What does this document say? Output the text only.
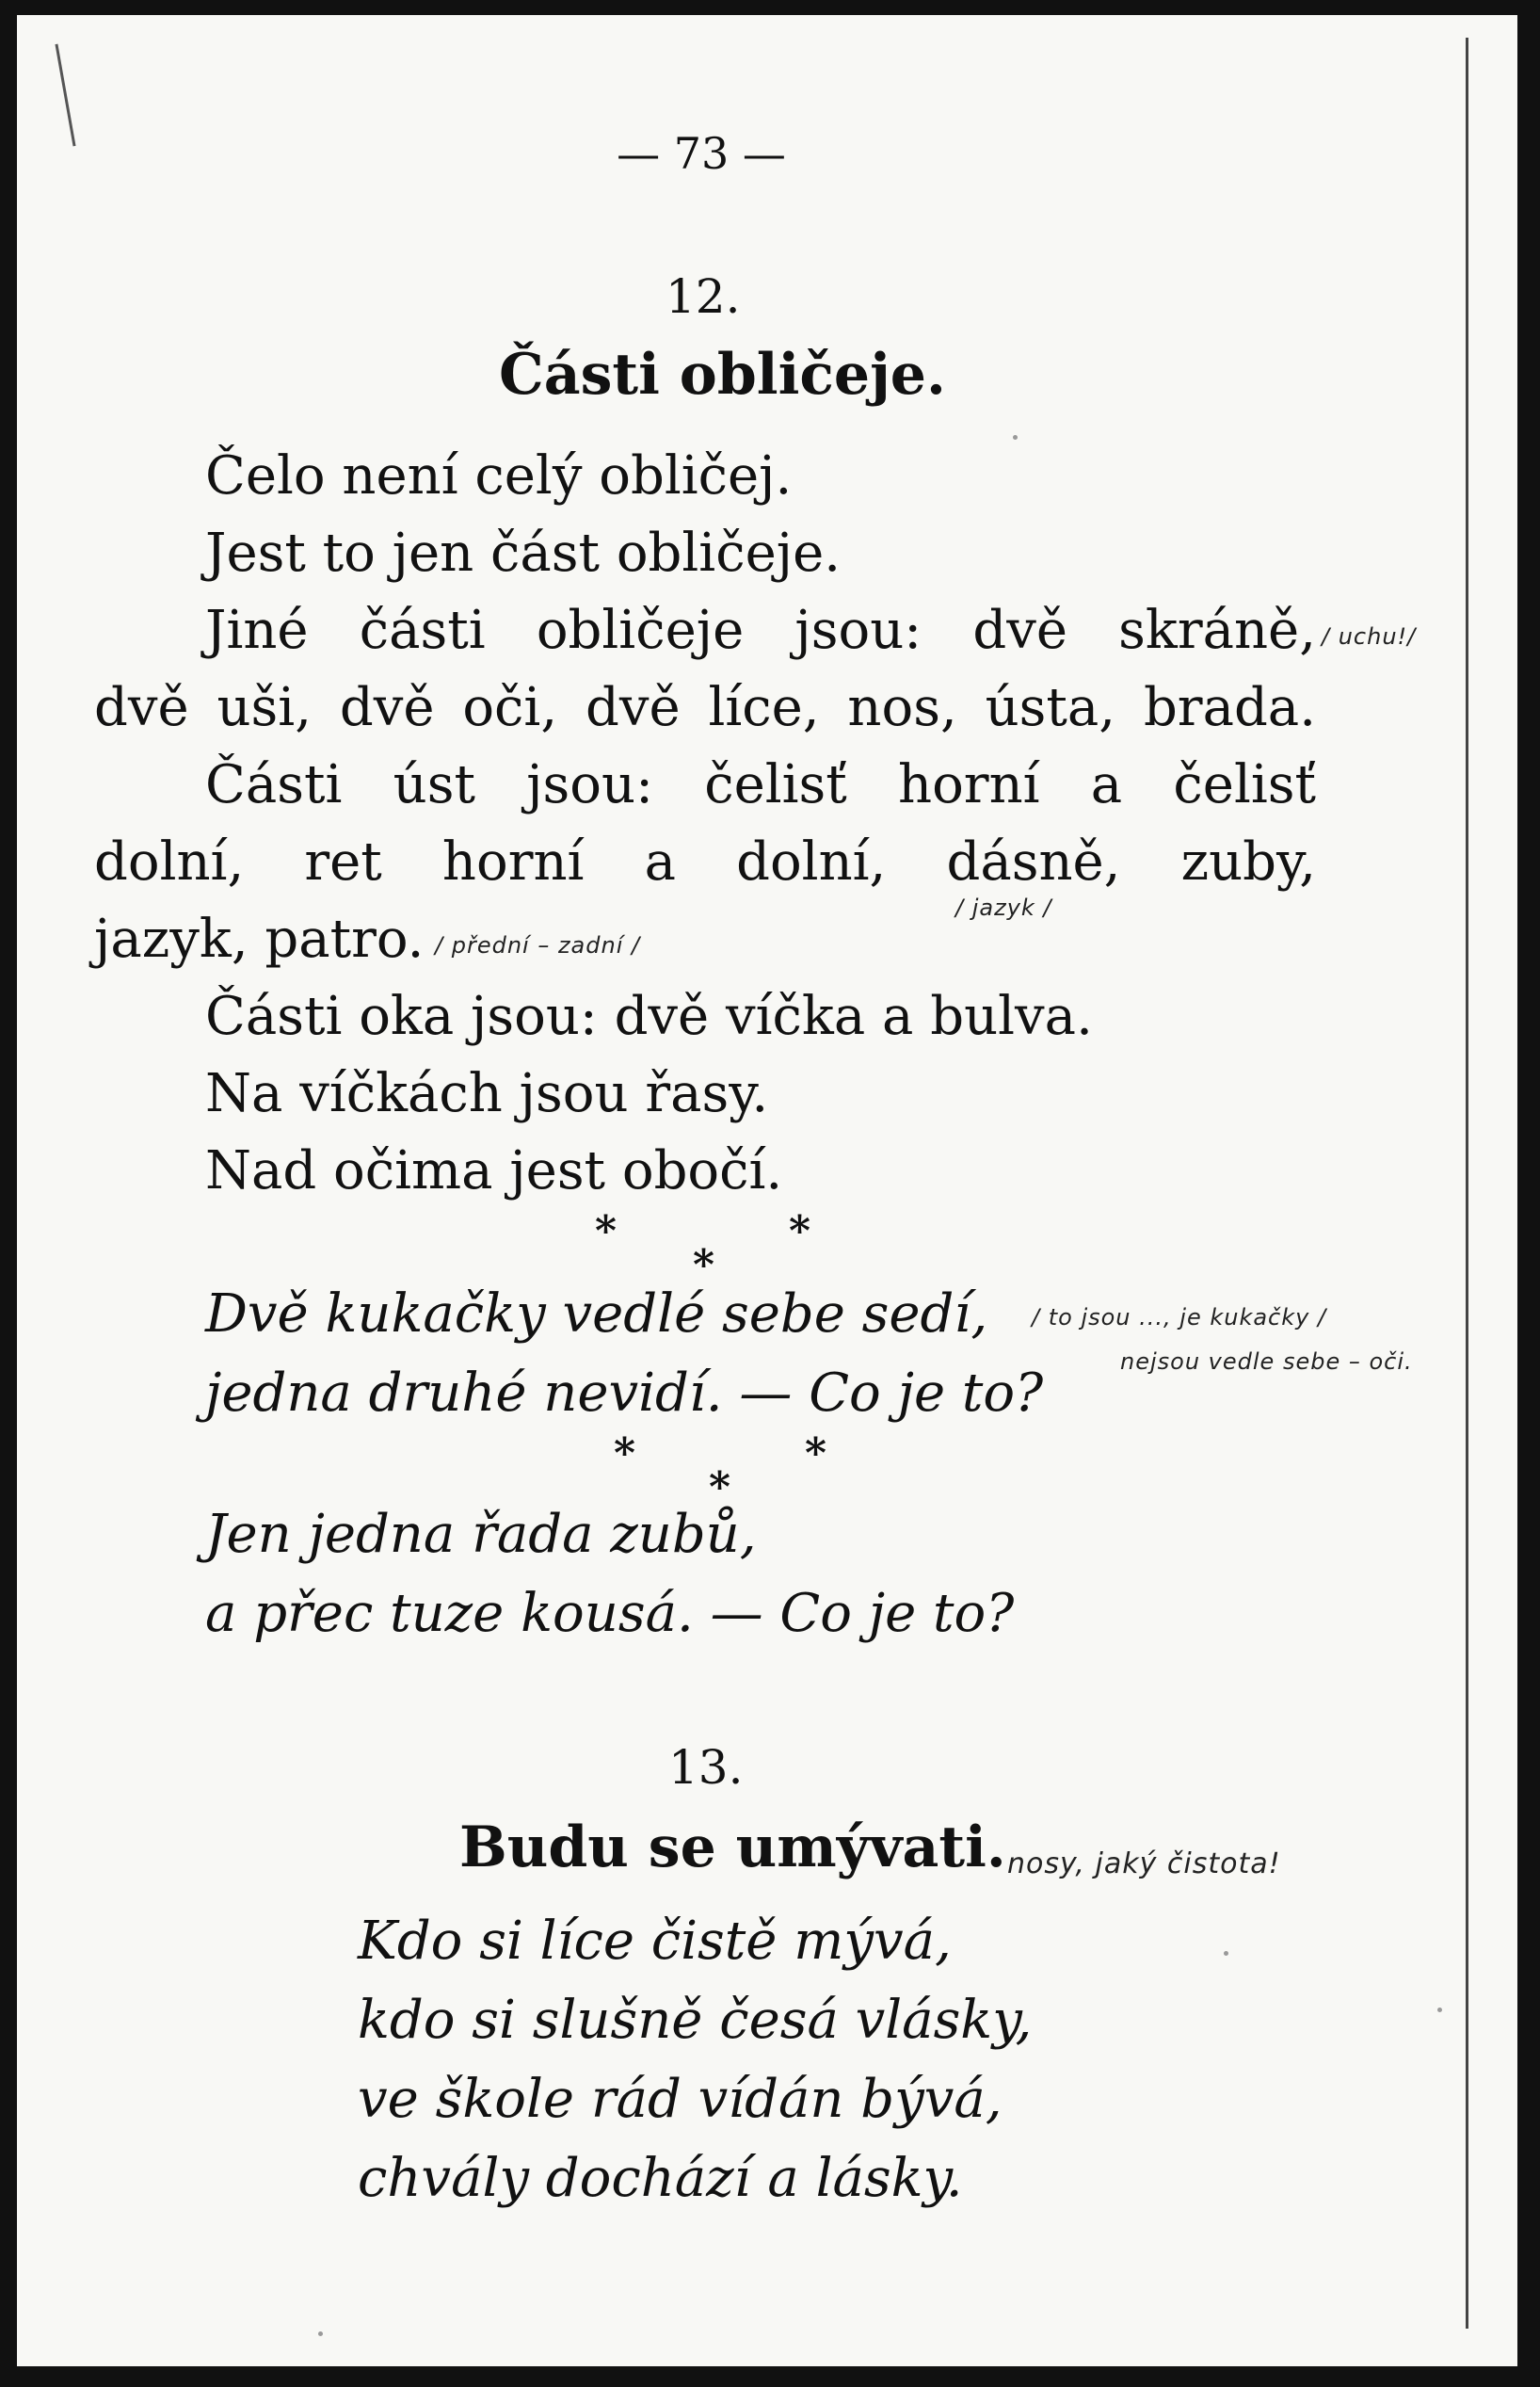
— 73 —
12.
Části obličeje.
Čelo není celý obličej.
Jest to jen část obličeje.
Jiné části obličeje jsou: dvě skráně, / uchu!/
dvě uši, dvě oči, dvě líce, nos, ústa, brada.
Části úst jsou: čelisť horní a čelisť
dolní, ret horní a dolní, dásně, zuby,
/ jazyk /
jazyk, patro. / přední – zadní /
Části oka jsou: dvě víčka a bulva.
Na víčkách jsou řasy.
Nad očima jest obočí.
*
*
*
Dvě kukačky vedlé sebe sedí, / to jsou ..., je kukačky /
jedna druhé nevidí. — Co je to?
nejsou vedle sebe – oči.
*
*
*
Jen jedna řada zubů,
a přec tuze kousá. — Co je to?
13.
Budu se umývati. nosy, jaký čistota!
Kdo si líce čistě mývá,
kdo si slušně česá vlásky,
ve škole rád vídán bývá,
chvály dochází a lásky.
